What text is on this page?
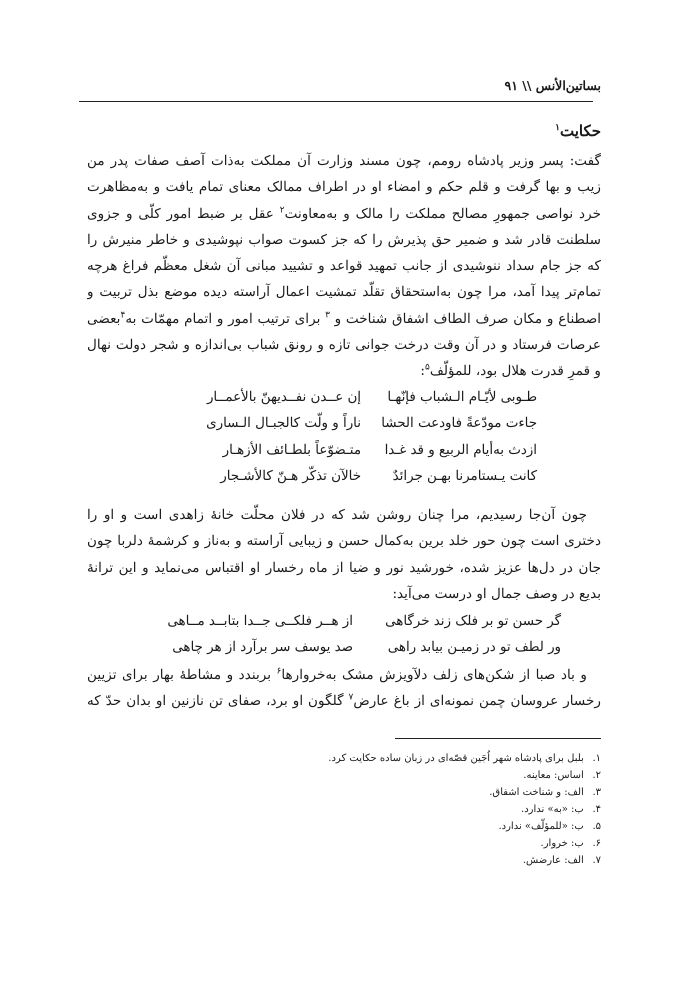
بساتین‌الأنس \\ ۹۱
حکایت$^۱$
گفت: پسر وزیر پادشاه رومم، چون مسند وزارت آن مملکت به‌ذات آصف صفات پدر من
زیب و بها گرفت و قلم حکم و امضاء او در اطراف ممالک معنای تمام یافت و به‌مظاهرت
خرد نواصی جمهورِ مصالح مملکت را مالک و به‌معاونت$^۲$ عقل بر ضبط امور کلّی و جزوی
سلطنت قادر شد و ضمیر حق پذیرش را که جز کسوت صواب نپوشیدی و خاطر منیرش را
که جز جام سداد ننوشیدی از جانب تمهید قواعد و تشیید مبانی آن شغل معظّم فراغ هرچه
تمام‌تر پیدا آمد، مرا چون به‌استحقاق تقلّد تمشیت اعمال آراسته دیده موضع بذل تربیت و
اصطناع و مکان صرف الطاف اشفاق شناخت و $^۳$ برای ترتیب امور و اتمام مهمّات به$^۴$بعضی
عرصات فرستاد و در آن وقت درخت جوانی تازه و رونق شباب بی‌اندازه و شجر دولت نهال
و قمرِ قدرت هلال بود، للمؤلّف$^۵$:
طـوبی لأیّـام الـشباب فإنّهـا
إن عــدن نفــدیهنّ بالأعمــار
جاءت مودّعةً فاودعت الحشا
ناراً و ولّت کالجبـال الـساری
ازدث به‌أیام الربیع و قد غـدا
متـضوّعاً بلطـائف الأزهـار
کانت یـستامرنا بهـن جرائدٌ
خالآن تذکّر هـنّ کالأشـجار
چون آن‌جا رسیدیم، مرا چنان روشن شد که در فلان محلّت خانهٔ زاهدی است و او را
دختری است چون حور خلد برین به‌کمال حسن و زیبایی آراسته و به‌ناز و کرشمهٔ دلربا چون
جان در دل‌ها عزیز شده، خورشید نور و ضیا از ماه رخسار او اقتباس می‌نماید و این ترانهٔ
بدیع در وصف جمال او درست می‌آید:
گر حسن تو بر فلک زند خرگاهی
از هــر فلکــی جــدا بتابــد مــاهی
ور لطف تو در زمیـن بیابد راهی
صد یوسف سر برآرد از هر چاهی
و باد صبا از شکن‌های زلف دلآویزش مشک به‌خروارها$^۶$ بربندد و مشاطهٔ بهار برای تزیین
رخسار عروسان چمن نمونه‌ای از باغ عارض$^۷$ گلگون او برد، صفای تن نازنین او بدان حدّ که
۱. بلبل برای پادشاه شهر اُجَین قصّه‌ای در زبان ساده حکایت کرد.
۲. اساس: معاینه.
۳. الف: و شناخت اشفاق.
۴. ب: «به» ندارد.
۵. ب: «للمؤلّف» ندارد.
۶. ب: خروار.
۷. الف: عارضش.
